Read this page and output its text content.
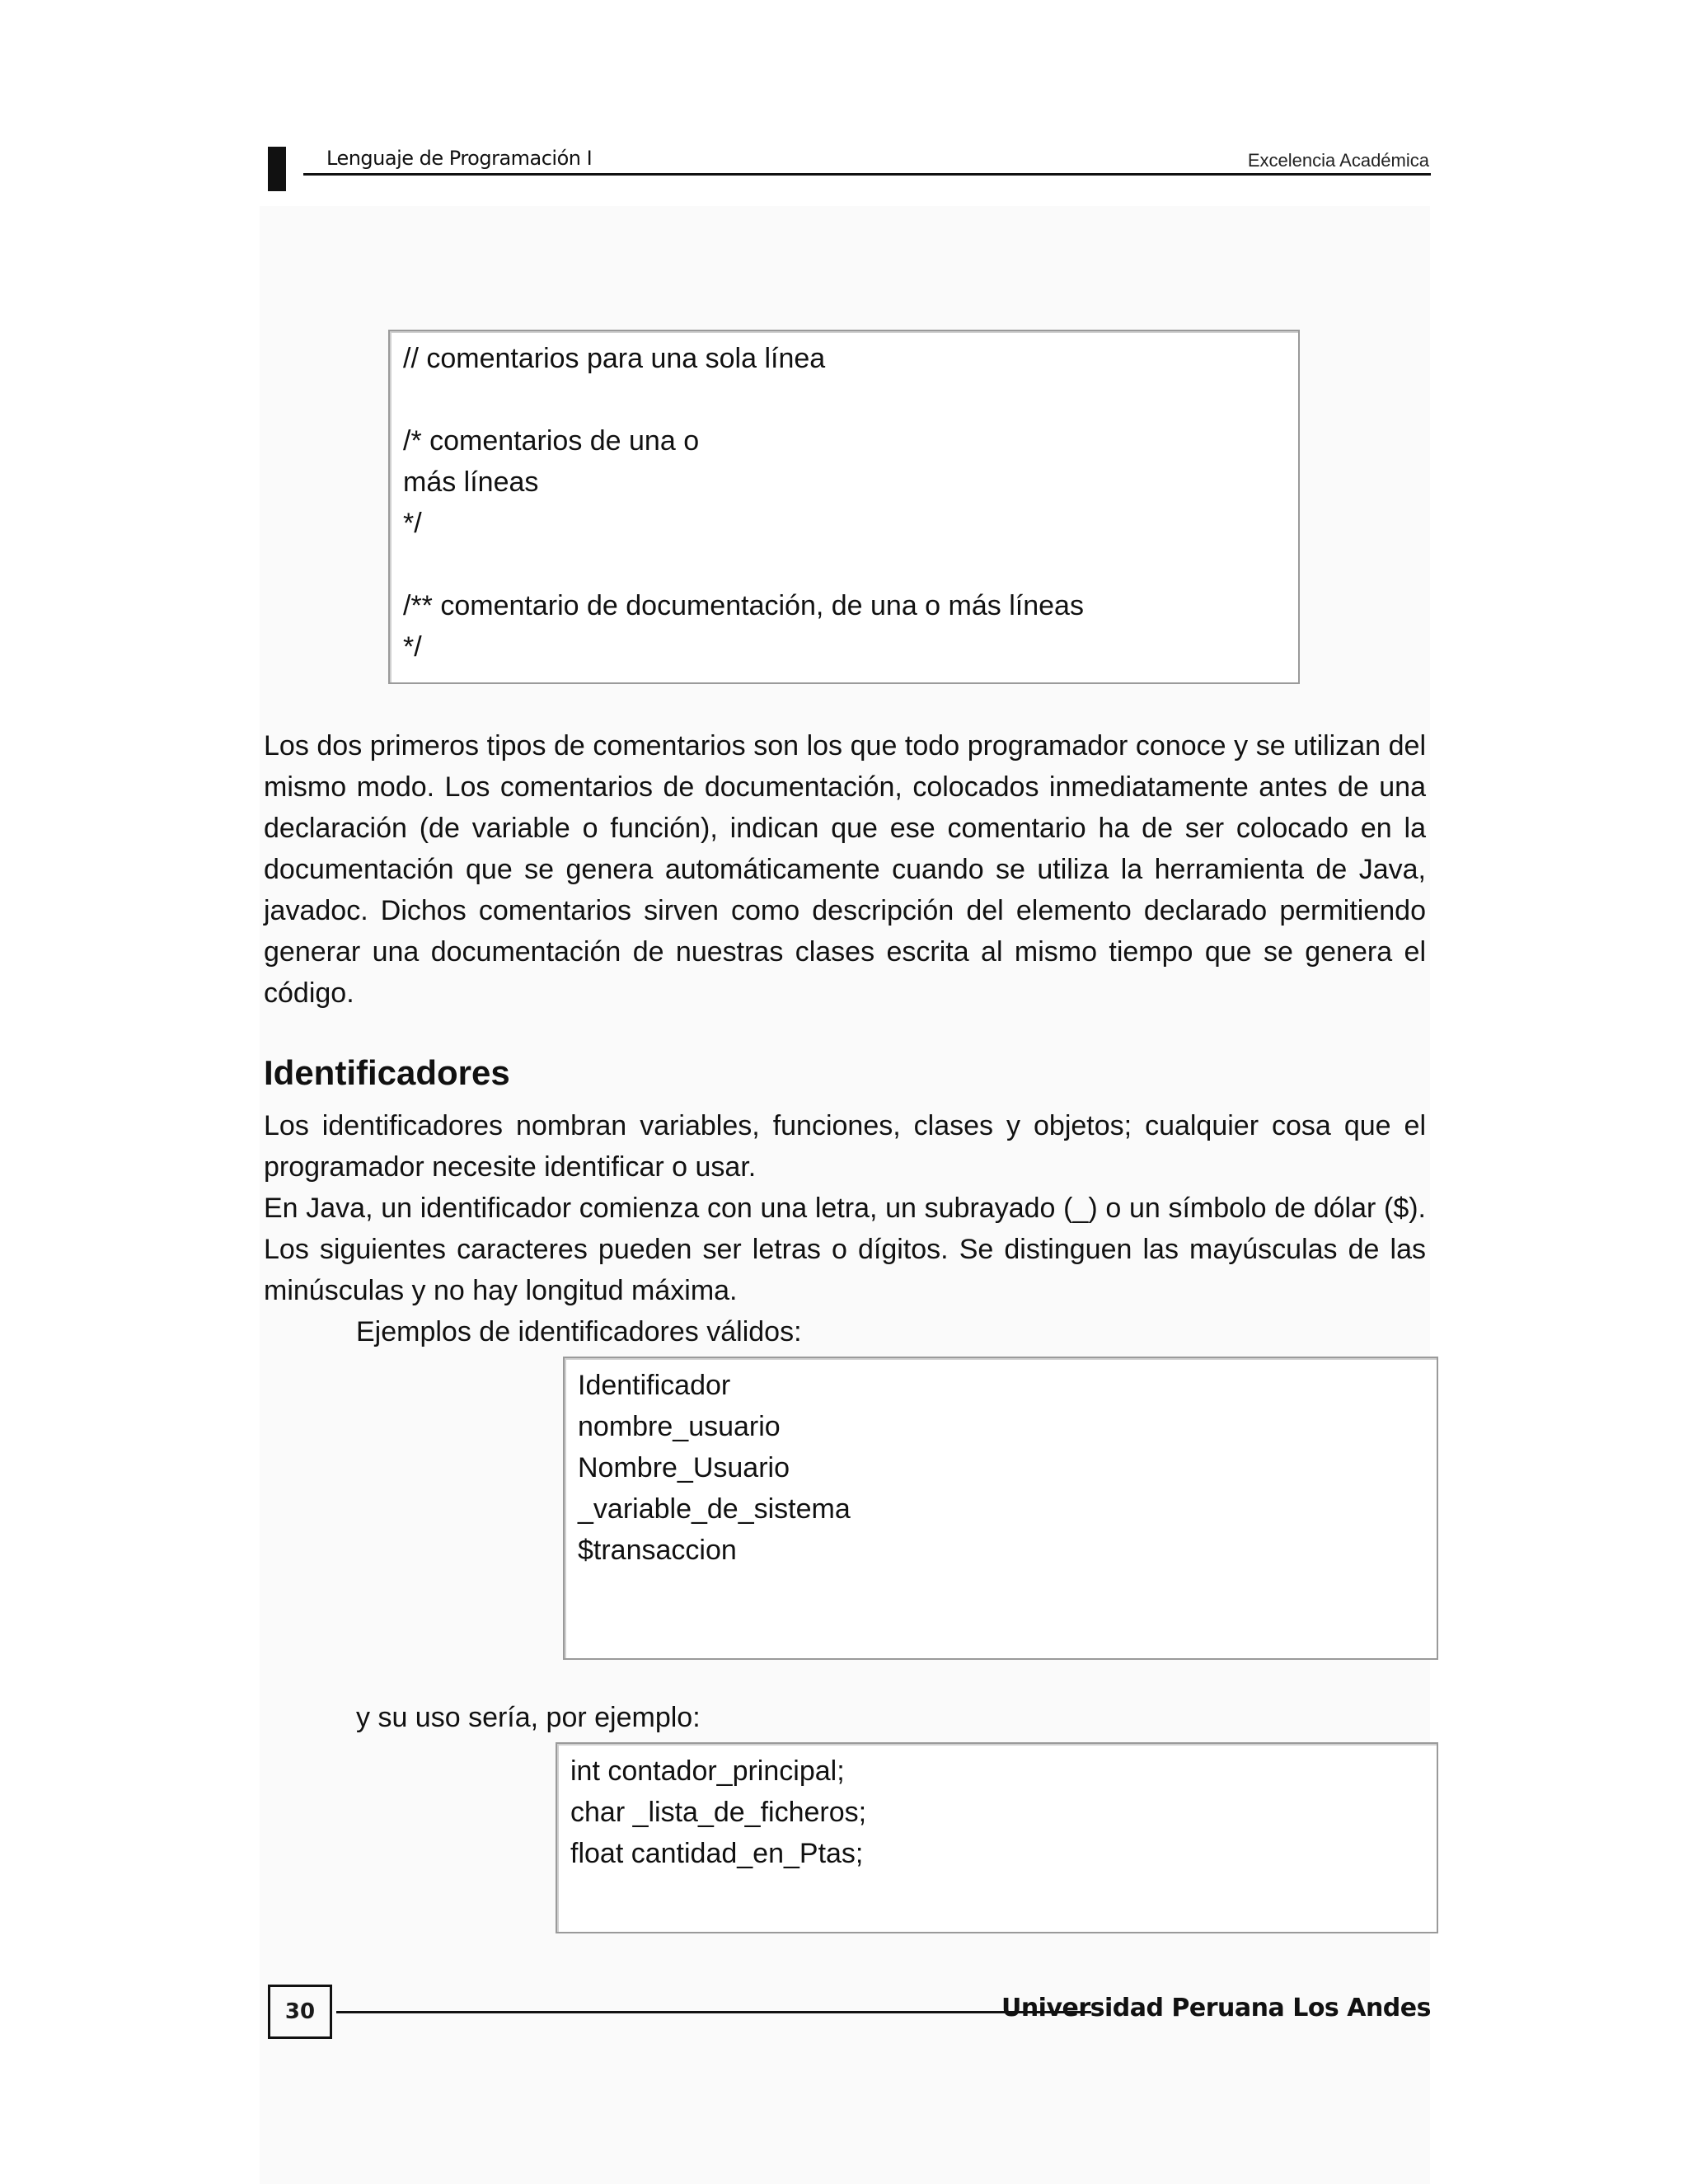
Lenguaje de Programación I	Excelencia Académica
// comentarios para una sola línea
/* comentarios de una o
más líneas
*/
/** comentario de documentación, de una o más líneas
*/

Los dos primeros tipos de comentarios son los que todo programador conoce y se utilizan del mismo modo. Los comentarios de documentación, colocados inmediatamente antes de una declaración (de variable o función), indican que ese comentario ha de ser colocado en la documentación que se genera automáticamente cuando se utiliza la herramienta de Java, javadoc. Dichos comentarios sirven como descripción del elemento declarado permitiendo generar una documentación de nuestras clases escrita al mismo tiempo que se genera el código.

Identificadores

Los identificadores nombran variables, funciones, clases y objetos; cualquier cosa que el programador necesite identificar o usar.

En Java, un identificador comienza con una letra, un subrayado (_) o un símbolo de dólar ($). Los siguientes caracteres pueden ser letras o dígitos. Se distinguen las mayúsculas de las minúsculas y no hay longitud máxima.

Ejemplos de identificadores válidos:
Identificador
nombre_usuario
Nombre_Usuario
_variable_de_sistema
$transaccion
y su uso sería, por ejemplo:
int contador_principal;
char _lista_de_ficheros;
float cantidad_en_Ptas;
30	Universidad Peruana Los Andes
